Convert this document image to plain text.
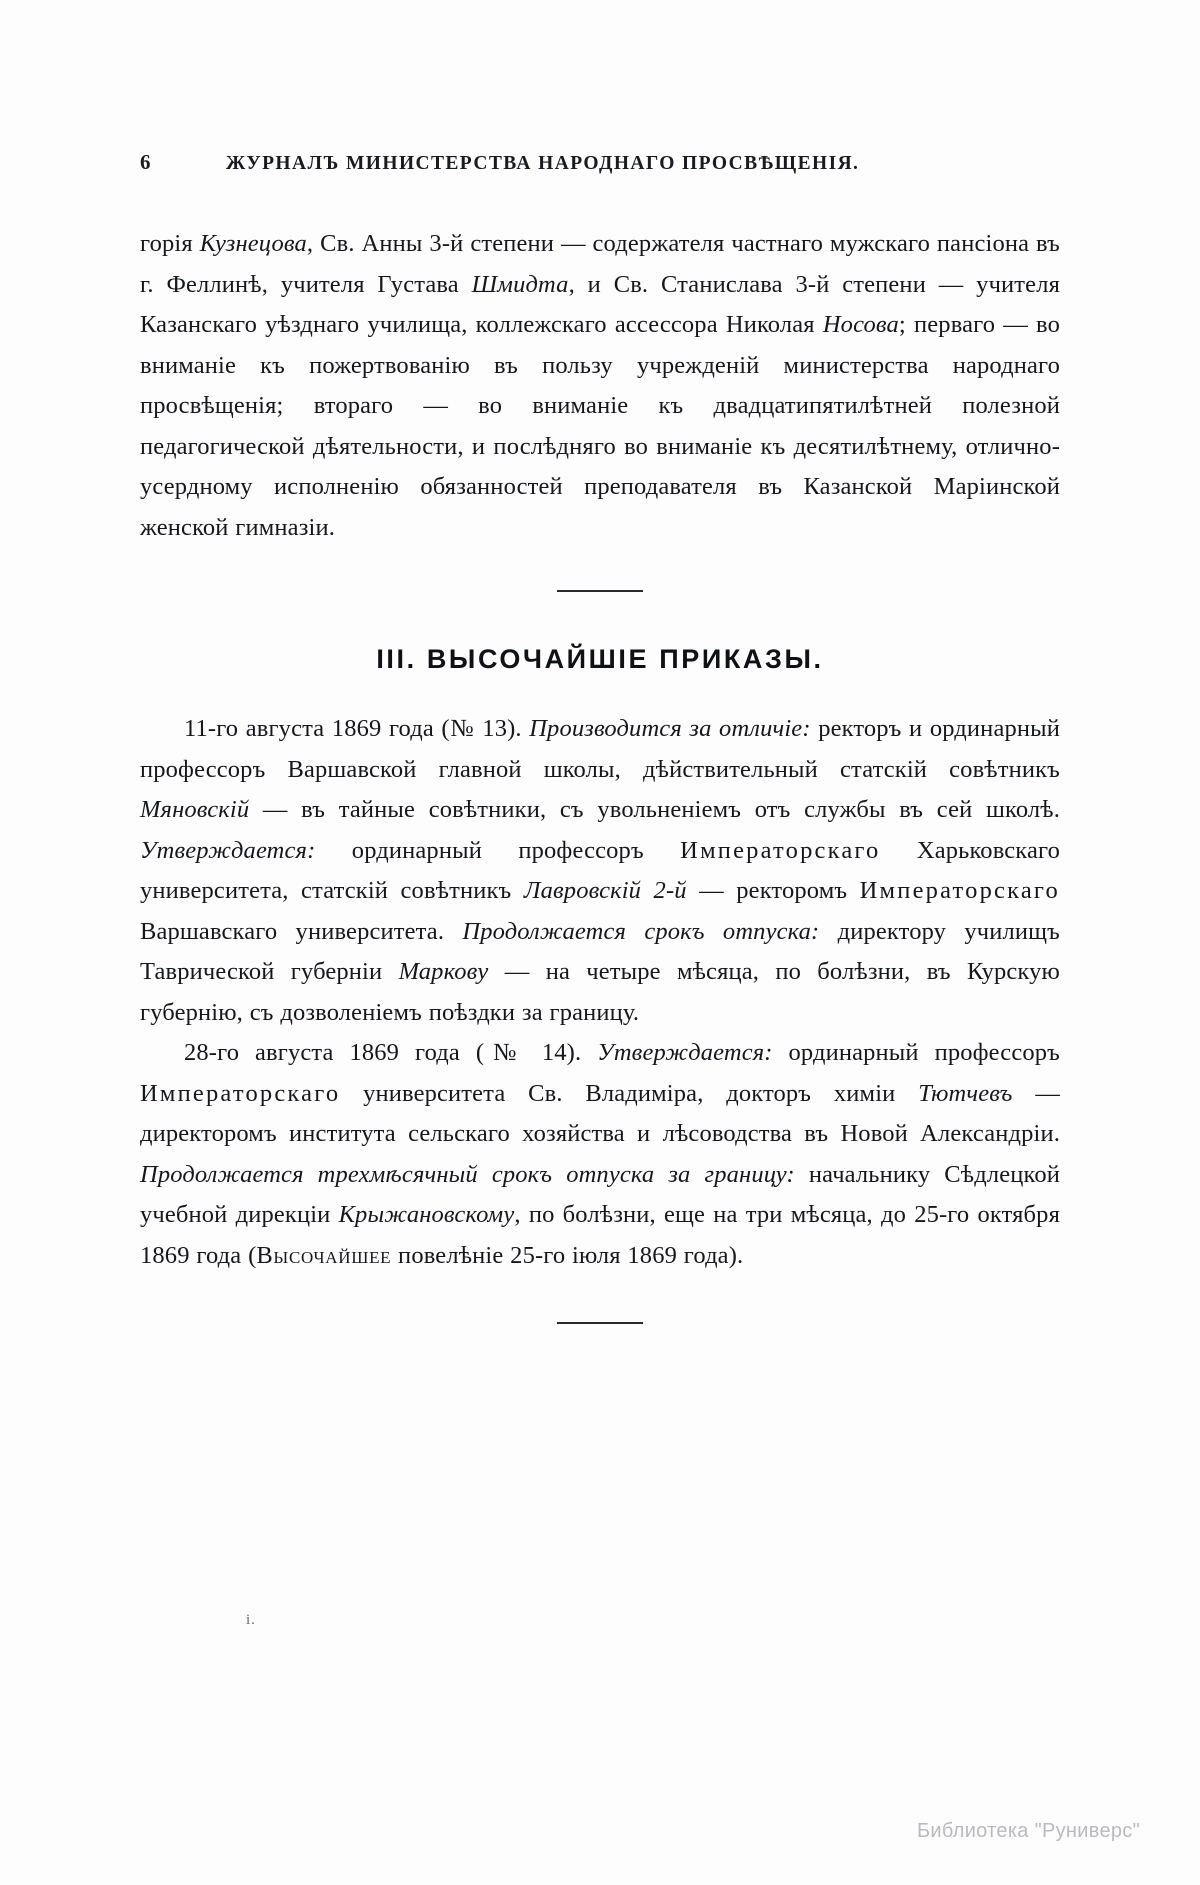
6	ЖУРНАЛЪ МИНИСТЕРСТВА НАРОДНАГО ПРОСВѢЩЕНІЯ.

горія Кузнецова, Св. Анны 3-й степени — содержателя частнаго мужскаго пансіона въ г. Феллинѣ, учителя Густава Шмидта, и Св. Станислава 3-й степени — учителя Казанскаго уѣзднаго училища, коллежскаго ассессора Николая Носова; перваго — во вниманіе къ пожертвованію въ пользу учрежденій министерства народнаго просвѣщенія; втораго — во вниманіе къ двадцатипятилѣтней полезной педагогической дѣятельности, и послѣдняго во вниманіе къ десятилѣтнему, отлично-усердному исполненію обязанностей преподавателя въ Казанской Маріинской женской гимназіи.

III. ВЫСОЧАЙШІЕ ПРИКАЗЫ.

11-го августа 1869 года (№ 13). Производится за отличіе: ректоръ и ординарный профессоръ Варшавской главной школы, дѣйствительный статскій совѣтникъ Мяновскій — въ тайные совѣтники, съ увольненіемъ отъ службы въ сей школѣ. Утверждается: ординарный профессоръ Императорскаго Харьковскаго университета, статскій совѣтникъ Лавровскій 2-й — ректоромъ Императорскаго Варшавскаго университета. Продолжается срокъ отпуска: директору училищъ Таврической губерніи Маркову — на четыре мѣсяца, по болѣзни, въ Курскую губернію, съ дозволеніемъ поѣздки за границу.

28-го августа 1869 года (№ 14). Утверждается: ординарный профессоръ Императорскаго университета Св. Владиміра, докторъ химіи Тютчевъ — директоромъ института сельскаго хозяйства и лѣсоводства въ Новой Александріи. Продолжается трехмѣсячный срокъ отпуска за границу: начальнику Сѣдлецкой учебной дирекціи Крыжановскому, по болѣзни, еще на три мѣсяца, до 25-го октября 1869 года (Высочайшее повелѣніе 25-го іюля 1869 года).

i.
Библиотека "Руниверс"
